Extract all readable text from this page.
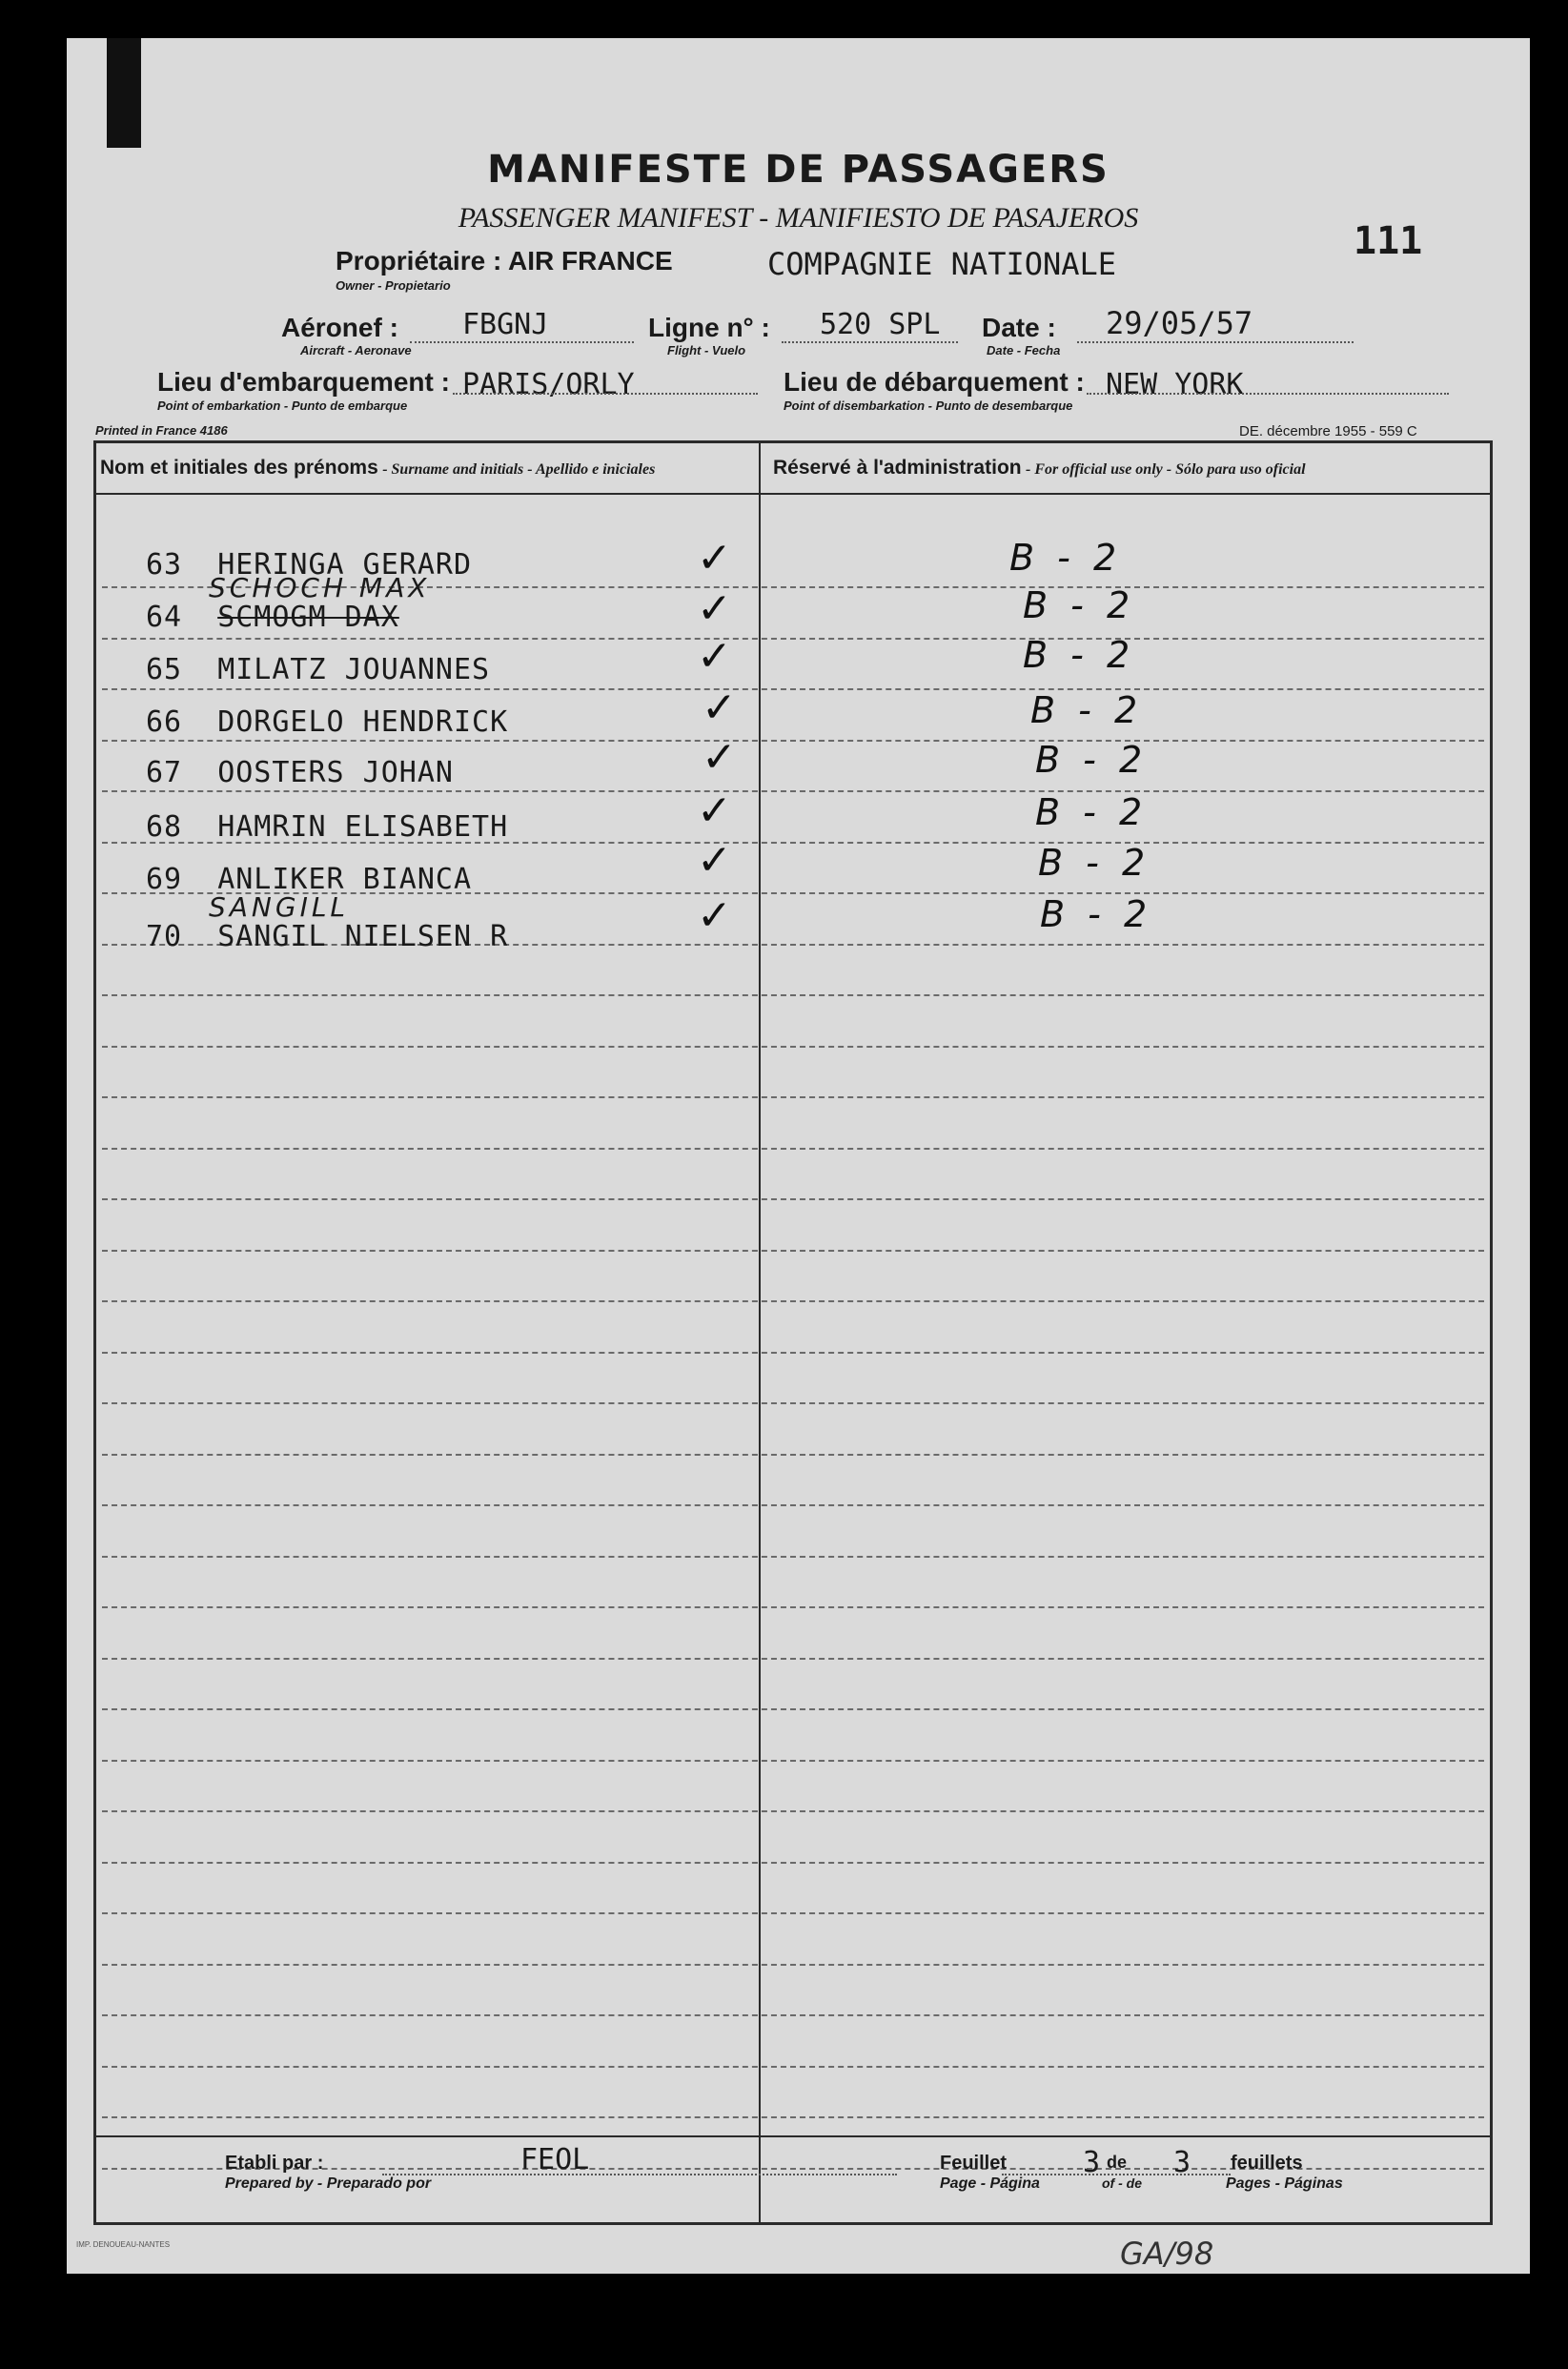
MANIFESTE DE PASSAGERS
PASSENGER MANIFEST - MANIFIESTO DE PASAJEROS
111
Propriétaire : AIR FRANCE
Owner - Propietario
COMPAGNIE NATIONALE
Aéronef :
Aircraft - Aeronave
FBGNJ	Ligne n° :
Flight - Vuelo
520 SPL Date :
Date - Fecha
29/05/57
Lieu d'embarquement :
Point of embarkation - Punto de embarque
PARIS/ORLY	Lieu de débarquement :
Point of disembarkation - Punto de desembarque
NEW YORK
Printed in France 4186	DE. décembre 1955 - 559 C
Nom et initiales des prénoms - Surname and initials - Apellido e iniciales	Réservé à l'administration - For official use only - Sólo para uso oficial
63 HERINGA GERARD	✓	B - 2
SCHOCH MAX
64 SCMOGM DAX	✓	B - 2
65 MILATZ JOUANNES	✓	B - 2
66 DORGELO HENDRICK	✓	B - 2
67 OOSTERS JOHAN	✓	B - 2
68 HAMRIN ELISABETH	✓	B - 2
69 ANLIKER BIANCA	✓	B - 2
SANGILL
70 SANGIL NIELSEN R	✓	B - 2
Etabli par :
Prepared by - Preparado por
FEOL	Feuillet
Page - Página
3 de
of - de
3 feuillets
Pages - Páginas
IMP. DENOUEAU-NANTES	GA/98
